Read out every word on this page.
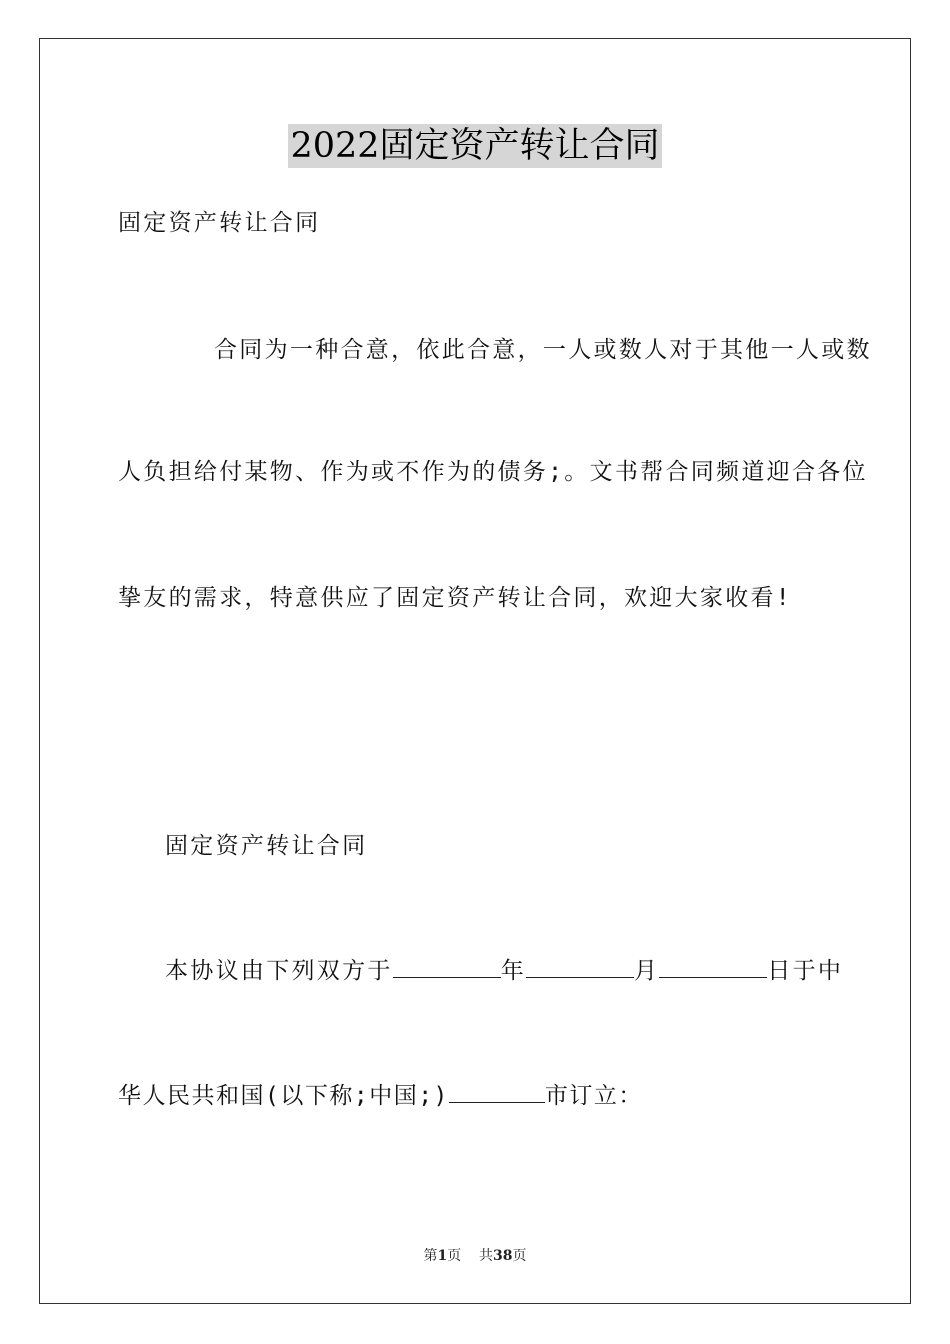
2022固定资产转让合同
固定资产转让合同
合同为一种合意，依此合意，一人或数人对于其他一人或数
人负担给付某物、作为或不作为的债务;。文书帮合同频道迎合各位
挚友的需求，特意供应了固定资产转让合同，欢迎大家收看!
固定资产转让合同
本协议由下列双方于	年	月	日于中
华人民共和国(以下称;中国;)	市订立：
第1页 共38页
